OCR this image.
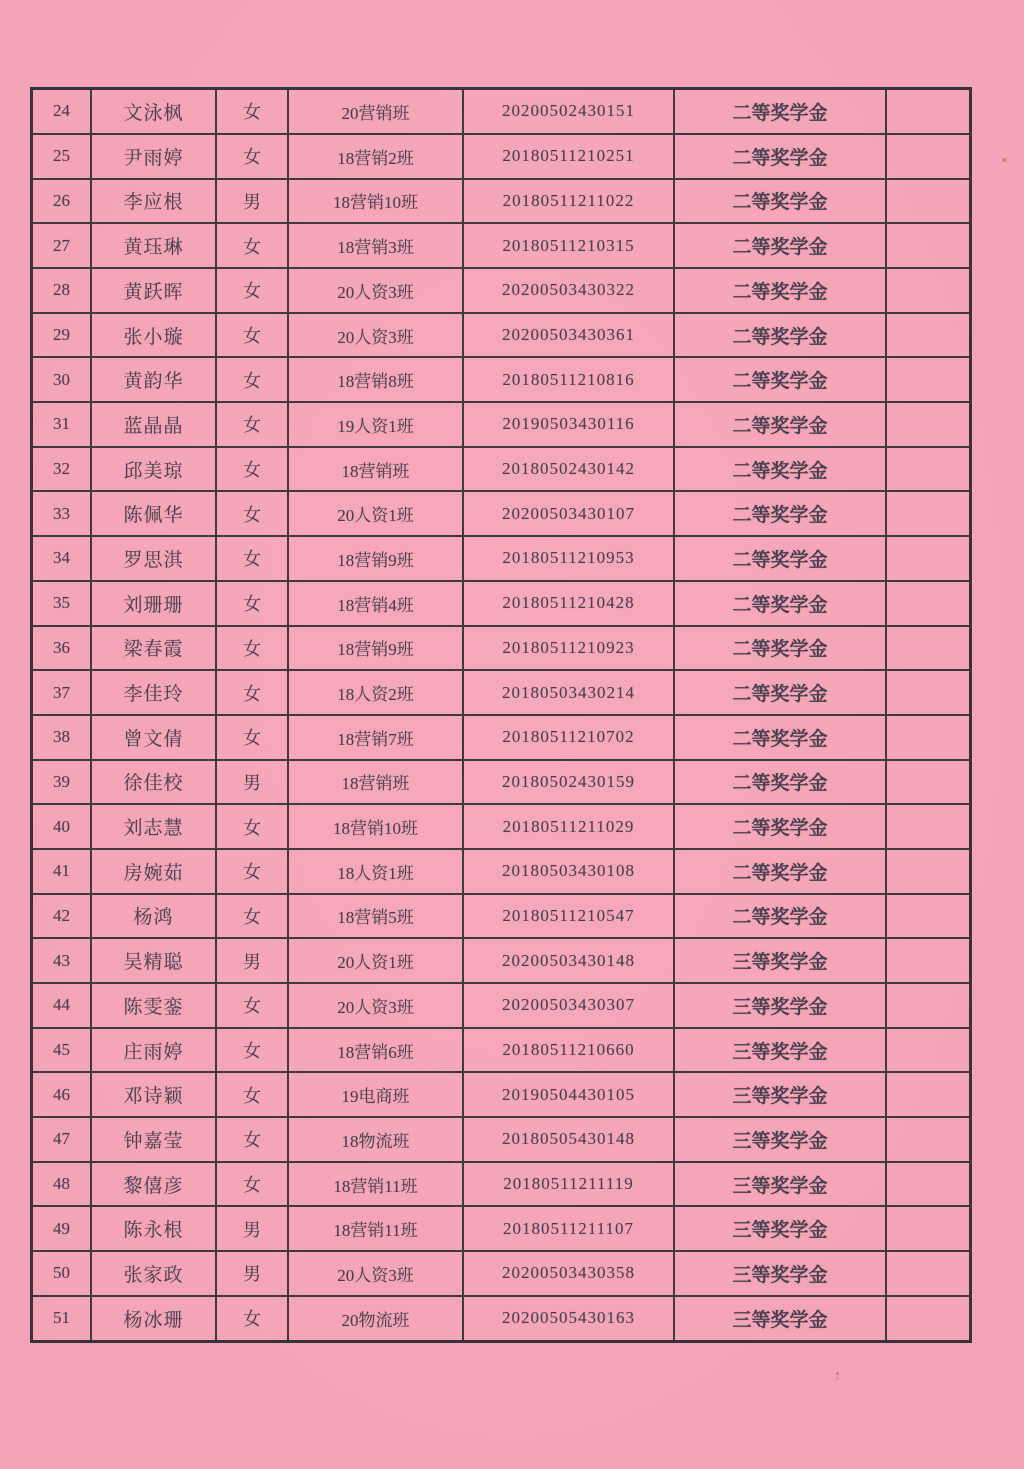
24	文泳枫	女	20营销班	20200502430151	二等奖学金	
25	尹雨婷	女	18营销2班	20180511210251	二等奖学金	
26	李应根	男	18营销10班	20180511211022	二等奖学金	
27	黄珏琳	女	18营销3班	20180511210315	二等奖学金	
28	黄跃晖	女	20人资3班	20200503430322	二等奖学金	
29	张小璇	女	20人资3班	20200503430361	二等奖学金	
30	黄韵华	女	18营销8班	20180511210816	二等奖学金	
31	蓝晶晶	女	19人资1班	20190503430116	二等奖学金	
32	邱美琼	女	18营销班	20180502430142	二等奖学金	
33	陈佩华	女	20人资1班	20200503430107	二等奖学金	
34	罗思淇	女	18营销9班	20180511210953	二等奖学金	
35	刘珊珊	女	18营销4班	20180511210428	二等奖学金	
36	梁春霞	女	18营销9班	20180511210923	二等奖学金	
37	李佳玲	女	18人资2班	20180503430214	二等奖学金	
38	曾文倩	女	18营销7班	20180511210702	二等奖学金	
39	徐佳校	男	18营销班	20180502430159	二等奖学金	
40	刘志慧	女	18营销10班	20180511211029	二等奖学金	
41	房婉茹	女	18人资1班	20180503430108	二等奖学金	
42	杨鸿	女	18营销5班	20180511210547	二等奖学金	
43	吴精聪	男	20人资1班	20200503430148	三等奖学金	
44	陈雯銮	女	20人资3班	20200503430307	三等奖学金	
45	庄雨婷	女	18营销6班	20180511210660	三等奖学金	
46	邓诗颖	女	19电商班	20190504430105	三等奖学金	
47	钟嘉莹	女	18物流班	20180505430148	三等奖学金	
48	黎僖彦	女	18营销11班	20180511211119	三等奖学金	
49	陈永根	男	18营销11班	20180511211107	三等奖学金	
50	张家政	男	20人资3班	20200503430358	三等奖学金	
51	杨冰珊	女	20物流班	20200505430163	三等奖学金	
